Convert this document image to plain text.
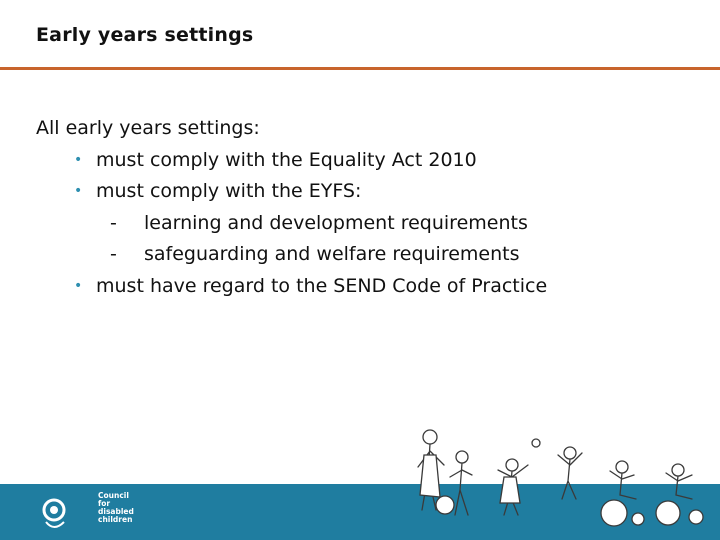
Early years settings
All early years settings:
• must comply with the Equality Act 2010
• must comply with the EYFS:
- learning and development requirements
- safeguarding and welfare requirements
• must have regard to the SEND Code of Practice
Council
for disabled
children
